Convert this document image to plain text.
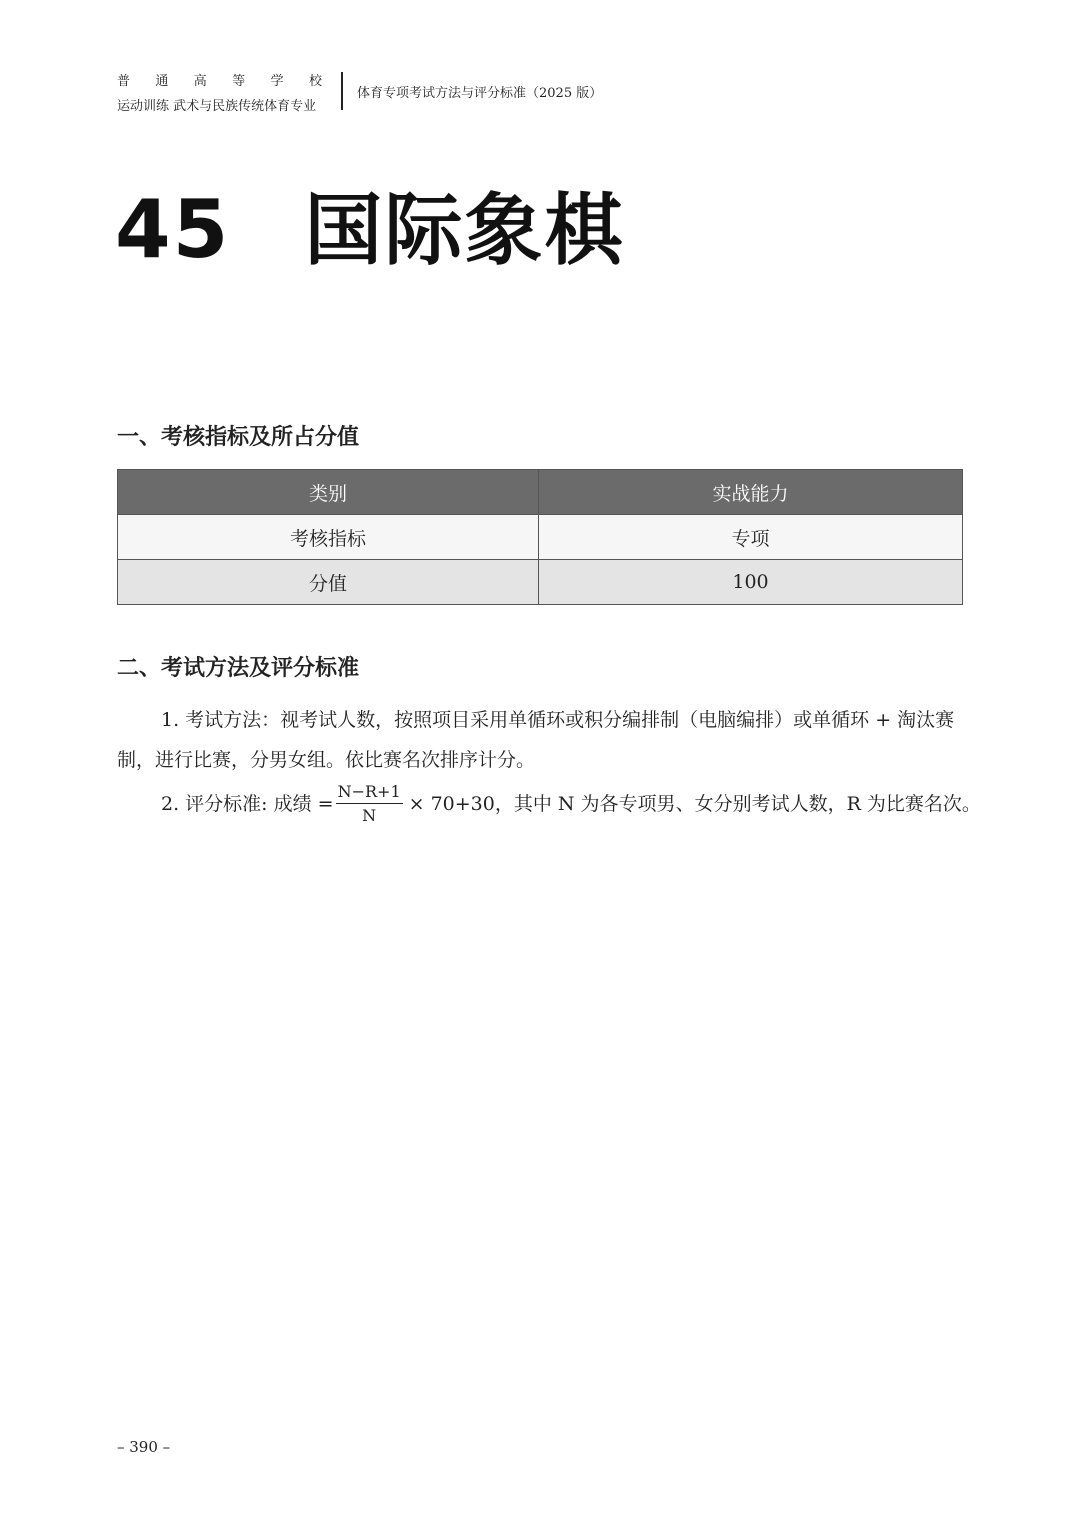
普 通 高 等 学 校
运动训练 武术与民族传统体育专业
体育专项考试方法与评分标准（2025 版）
45 国际象棋
一、考核指标及所占分值
类别	实战能力
考核指标	专项
分值	100
二、考试方法及评分标准
1. 考试方法：视考试人数，按照项目采用单循环或积分编排制（电脑编排）或单循环 + 淘汰赛制，进行比赛，分男女组。依比赛名次排序计分。
2. 评分标准: 成绩 = $\frac{N-R+1}{N} \times 70+30$，其中 N 为各专项男、女分别考试人数，R 为比赛名次。
– 390 –
